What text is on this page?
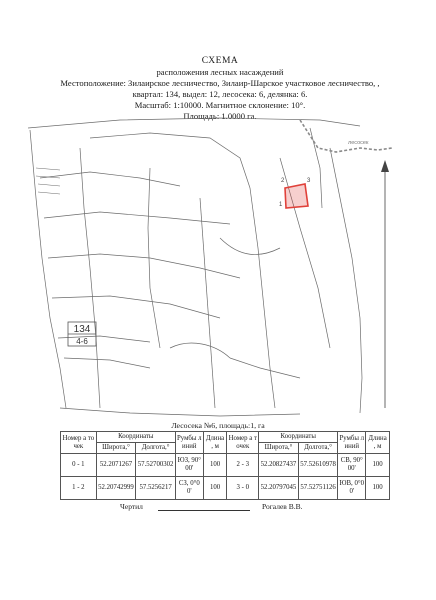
СХЕМА
расположения лесных насаждений
Местоположение: Зилаирское лесничество, Зилаир-Шарское участковое лесничество, ,
квартал: 134, выдел: 12, лесосека: 6, делянка: 6.
Масштаб: 1:10000. Магнитное склонение: 10°.
Площадь: 1.0000 га.
134
4-6
1
2	3
лесосек
Лесосека №6, площадь:1, га
Номер а точек	Координаты		Румбы линий	Длина , м	Номер а точек	Координаты		Румбы линий	Длина , м
	Широта,°	Долгота,°				Широта,°	Долгота,°		
0 - 1	52.2071267	57.52700302	ЮЗ, 90°00'	100	2 - 3	52.20827437	57.52610978	СВ, 90°00'	100
1 - 2	52.20742999	57.5256217	СЗ, 0°00'	100	3 - 0	52.20797045	57.52751126	ЮВ, 0°00'	100
Чертил	Рогалев В.В.
